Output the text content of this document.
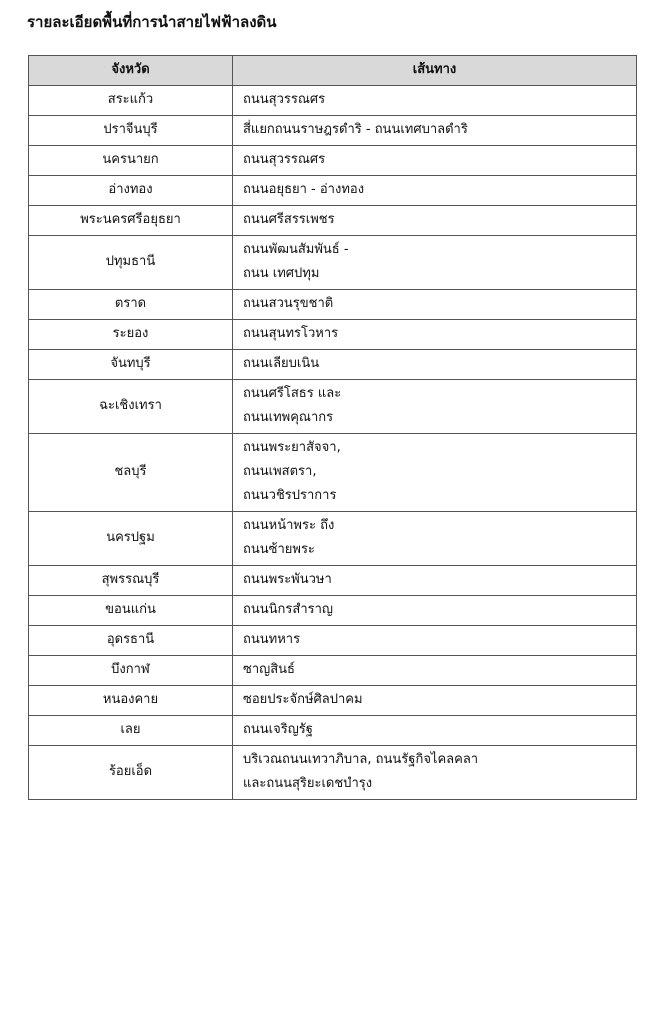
รายละเอียดพื้นที่การนำสายไฟฟ้าลงดิน
จังหวัด	เส้นทาง
สระแก้ว	ถนนสุวรรณศร

ปราจีนบุรี	สี่แยกถนนราษฎรดำริ - ถนนเทศบาลดำริ

นครนายก	ถนนสุวรรณศร

อ่างทอง	ถนนอยุธยา - อ่างทอง

พระนครศรีอยุธยา	ถนนศรีสรรเพชร

ปทุมธานี	ถนนพัฒนสัมพันธ์ -
ถนน เทศปทุม

ตราด	ถนนสวนรุขชาติ

ระยอง	ถนนสุนทรโวหาร

จันทบุรี	ถนนเลียบเนิน

ฉะเชิงเทรา	ถนนศรีโสธร และ
ถนนเทพคุณากร

ชลบุรี	ถนนพระยาสัจจา,
ถนนเพสตรา,
ถนนวชิรปราการ

นครปฐม	ถนนหน้าพระ ถึง
ถนนซ้ายพระ

สุพรรณบุรี	ถนนพระพันวษา

ขอนแก่น	ถนนนิกรสำราญ

อุดรธานี	ถนนทหาร

บึงกาฬ	ซาญสินธ์

หนองคาย	ซอยประจักษ์ศิลปาคม

เลย	ถนนเจริญรัฐ

ร้อยเอ็ด	บริเวณถนนเทวาภิบาล, ถนนรัฐกิจไคลคลา
และถนนสุริยะเดชบำรุง
